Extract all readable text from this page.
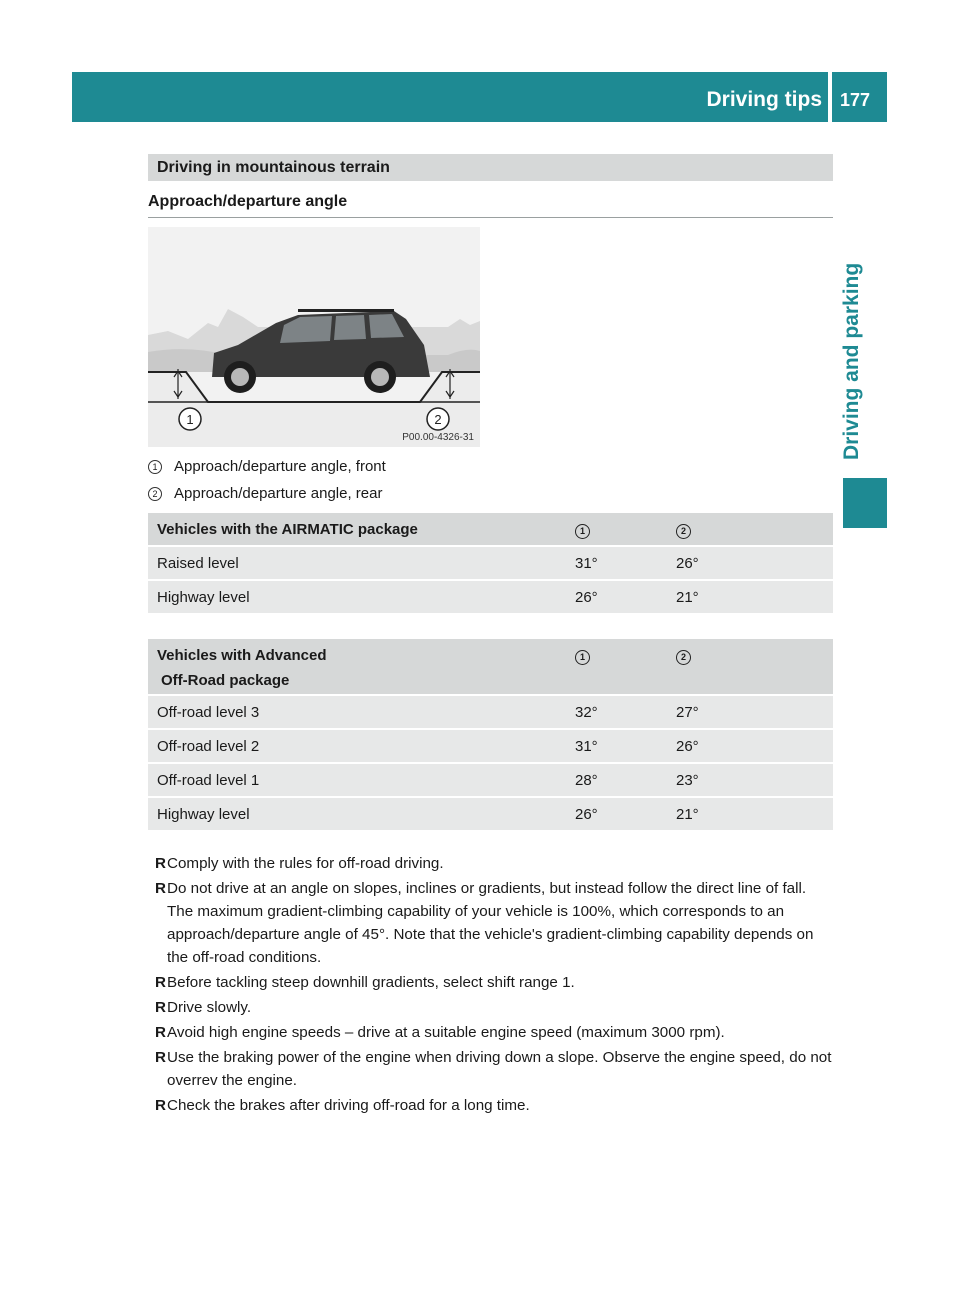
Driving tips 177
Driving and parking
Driving in mountainous terrain
Approach/departure angle
1	2
P00.00-4326-31
1 Approach/departure angle, front
2 Approach/departure angle, rear
Vehicles with the AIRMATIC package	1	2
Raised level	31°	26°
Highway level	26°	21°
Vehicles with Advanced
Off-Road package
1	2
Off-road level 3	32°	27°
Off-road level 2	31°	26°
Off-road level 1	28°	23°
Highway level	26°	21°
R Comply with the rules for off-road driving.
R Do not drive at an angle on slopes, inclines or gradients, but instead follow the direct line of fall. The maximum gradient-climbing capability of your vehicle is 100%, which corresponds to an approach/departure angle of 45°. Note that the vehicle's gradient-climbing capability depends on the off-road conditions.
R Before tackling steep downhill gradients, select shift range 1.
R Drive slowly.
R Avoid high engine speeds – drive at a suitable engine speed (maximum 3000 rpm).
R Use the braking power of the engine when driving down a slope. Observe the engine speed, do not overrev the engine.
R Check the brakes after driving off-road for a long time.
